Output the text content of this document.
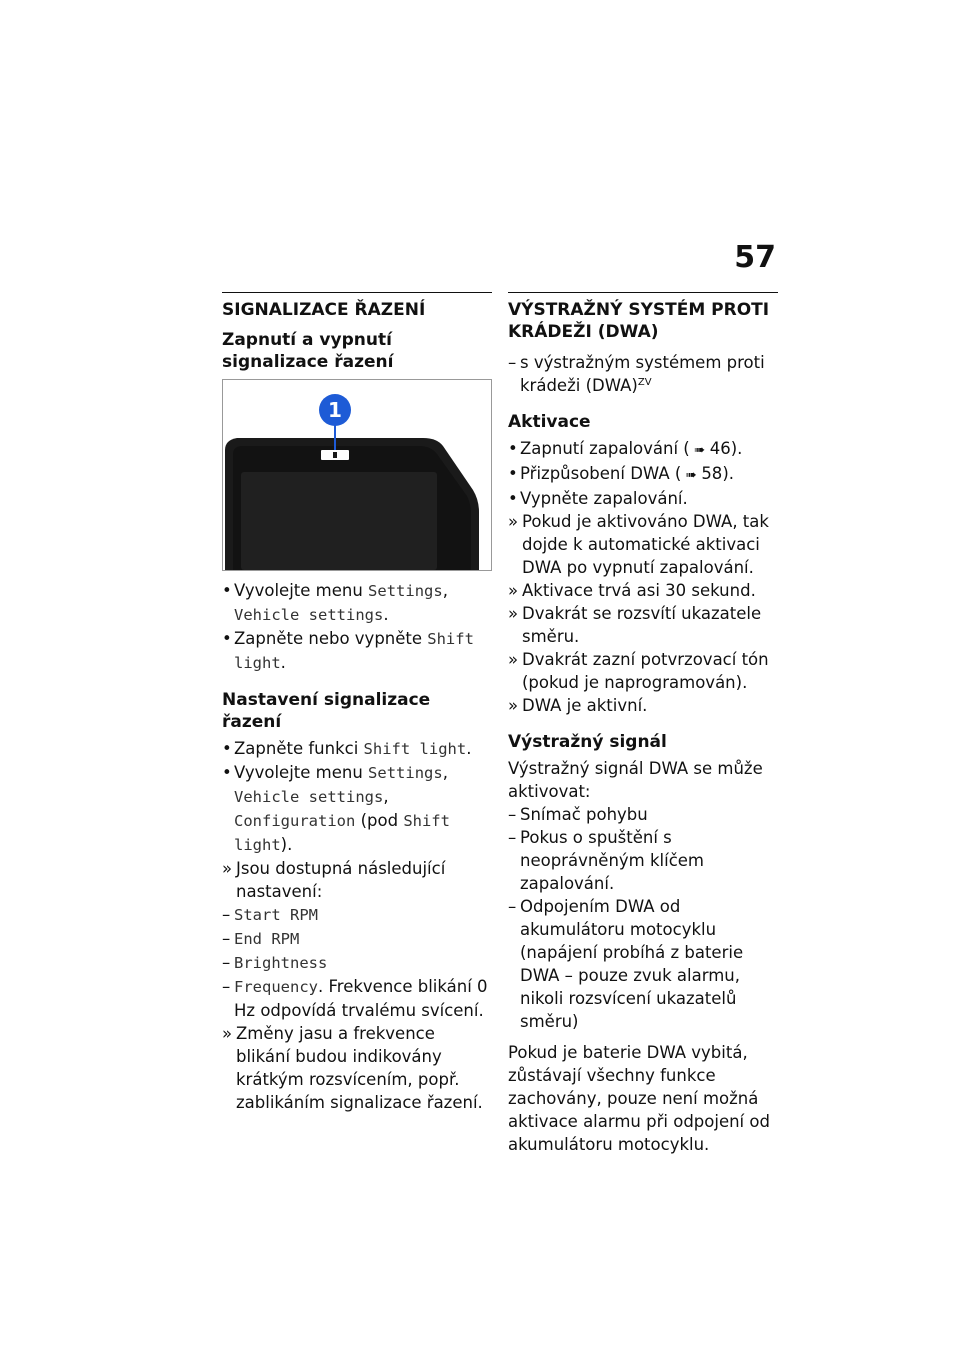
57
SIGNALIZACE ŘAZENÍ
Zapnutí a vypnutí signalizace řazení
1
• Vyvolejte menu Settings,
Vehicle settings.
• Zapněte nebo vypněte Shift light.
Nastavení signalizace řazení
• Zapněte funkci Shift light.
• Vyvolejte menu Settings,
Vehicle settings, Configuration (pod Shift light).
» Jsou dostupná následující nastavení:
– Start RPM
– End RPM
– Brightness
– Frequency. Frekvence blikání 0 Hz odpovídá trvalému svícení.
» Změny jasu a frekvence blikání budou indikovány krátkým rozsvícením, popř. zablikáním signalizace řazení.
VÝSTRAŽNÝ SYSTÉM PROTI KRÁDEŽI (DWA)
– s výstražným systémem proti krádeži (DWA)$^{ZV}$
Aktivace
• Zapnutí zapalování ( ➠ 46).
• Přizpůsobení DWA ( ➠ 58).
• Vypněte zapalování.
» Pokud je aktivováno DWA, tak dojde k automatické aktivaci DWA po vypnutí zapalování.
» Aktivace trvá asi 30 sekund.
» Dvakrát se rozsvítí ukazatele směru.
» Dvakrát zazní potvrzovací tón (pokud je naprogramován).
» DWA je aktivní.
Výstražný signál
Výstražný signál DWA se může aktivovat:
– Snímač pohybu
– Pokus o spuštění s neoprávněným klíčem zapalování.
– Odpojením DWA od akumulátoru motocyklu (napájení probíhá z baterie DWA – pouze zvuk alarmu, nikoli rozsvícení ukazatelů směru)
Pokud je baterie DWA vybitá, zůstávají všechny funkce zachovány, pouze není možná aktivace alarmu při odpojení od akumulátoru motocyklu.
